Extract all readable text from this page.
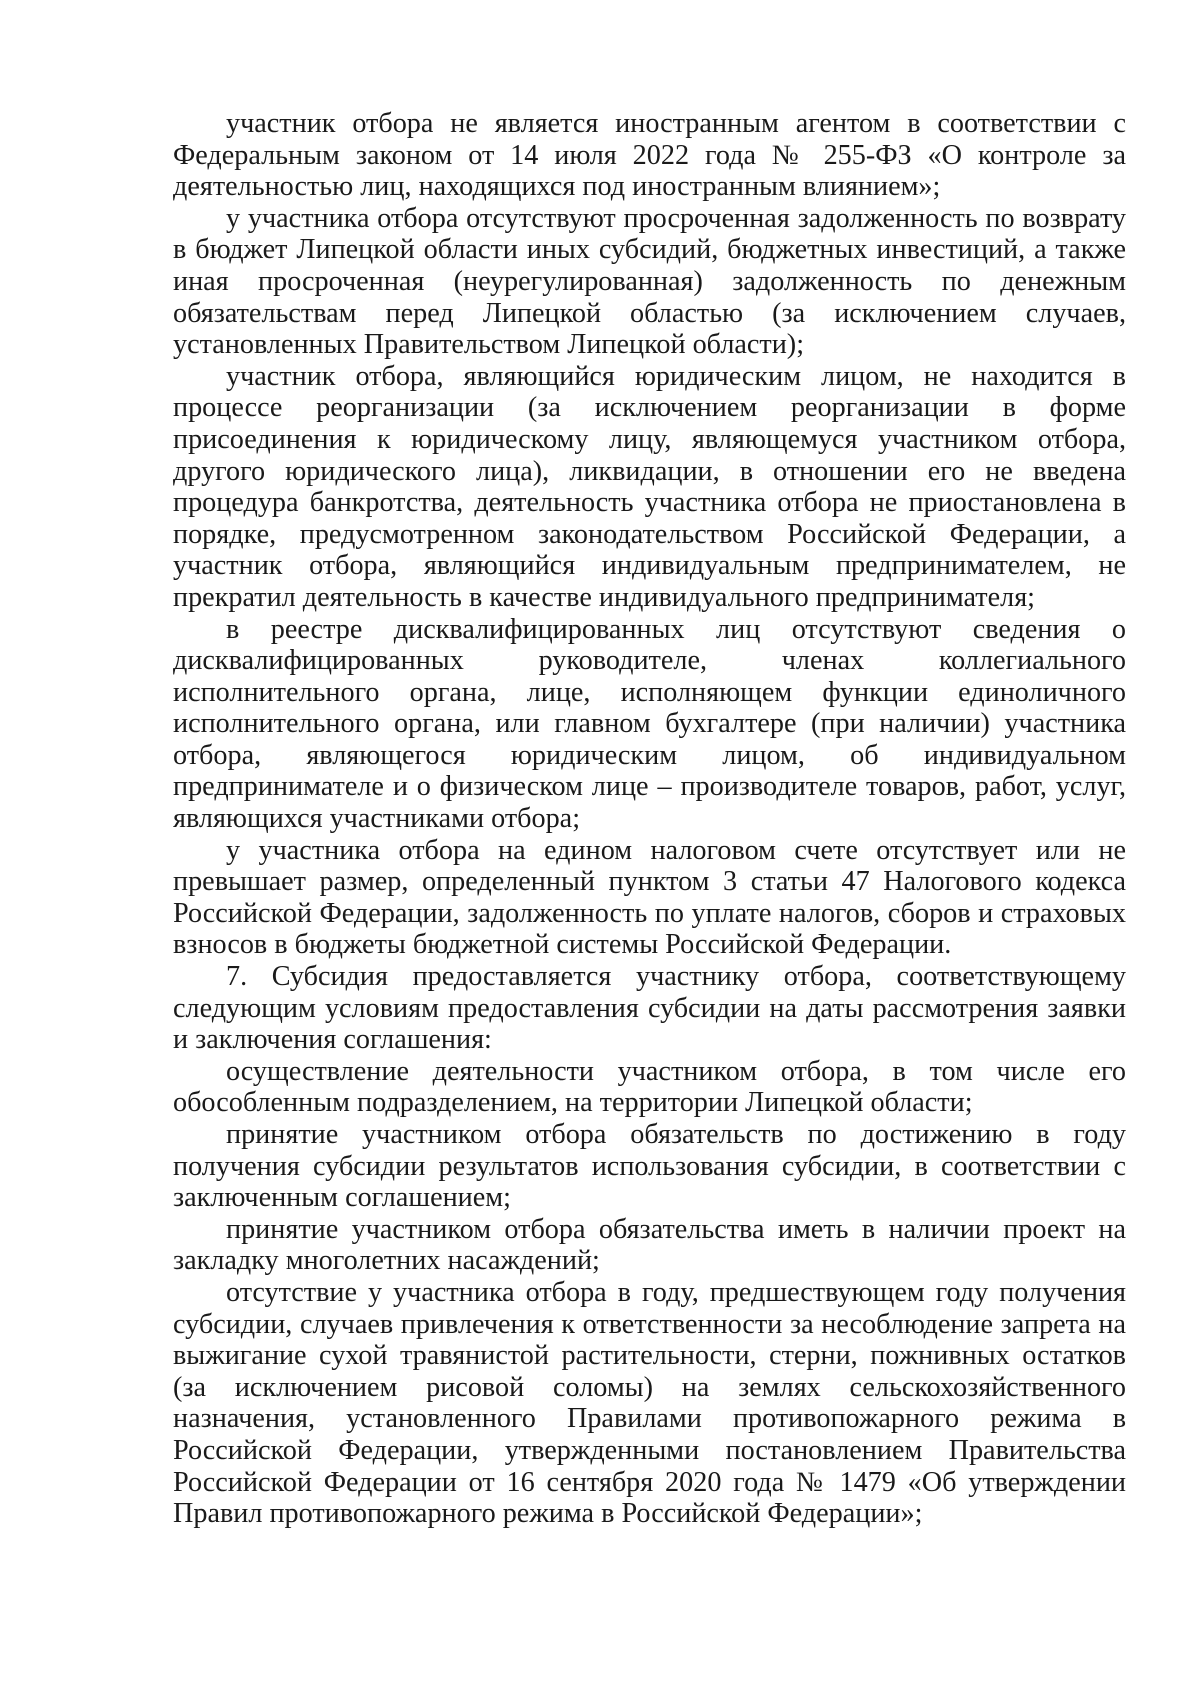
участник отбора не является иностранным агентом в соответствии с Федеральным законом от 14 июля 2022 года № 255-ФЗ «О контроле за деятельностью лиц, находящихся под иностранным влиянием»;

у участника отбора отсутствуют просроченная задолженность по возврату в бюджет Липецкой области иных субсидий, бюджетных инвестиций, а также иная просроченная (неурегулированная) задолженность по денежным обязательствам перед Липецкой областью (за исключением случаев, установленных Правительством Липецкой области);

участник отбора, являющийся юридическим лицом, не находится в процессе реорганизации (за исключением реорганизации в форме присоединения к юридическому лицу, являющемуся участником отбора, другого юридического лица), ликвидации, в отношении его не введена процедура банкротства, деятельность участника отбора не приостановлена в порядке, предусмотренном законодательством Российской Федерации, а участник отбора, являющийся индивидуальным предпринимателем, не прекратил деятельность в качестве индивидуального предпринимателя;

в реестре дисквалифицированных лиц отсутствуют сведения о дисквалифицированных руководителе, членах коллегиального исполнительного органа, лице, исполняющем функции единоличного исполнительного органа, или главном бухгалтере (при наличии) участника отбора, являющегося юридическим лицом, об индивидуальном предпринимателе и о физическом лице – производителе товаров, работ, услуг, являющихся участниками отбора;

у участника отбора на едином налоговом счете отсутствует или не превышает размер, определенный пунктом 3 статьи 47 Налогового кодекса Российской Федерации, задолженность по уплате налогов, сборов и страховых взносов в бюджеты бюджетной системы Российской Федерации.

7. Субсидия предоставляется участнику отбора, соответствующему следующим условиям предоставления субсидии на даты рассмотрения заявки и заключения соглашения:

осуществление деятельности участником отбора, в том числе его обособленным подразделением, на территории Липецкой области;

принятие участником отбора обязательств по достижению в году получения субсидии результатов использования субсидии, в соответствии с заключенным соглашением;

принятие участником отбора обязательства иметь в наличии проект на закладку многолетних насаждений;

отсутствие у участника отбора в году, предшествующем году получения субсидии, случаев привлечения к ответственности за несоблюдение запрета на выжигание сухой травянистой растительности, стерни, пожнивных остатков (за исключением рисовой соломы) на землях сельскохозяйственного назначения, установленного Правилами противопожарного режима в Российской Федерации, утвержденными постановлением Правительства Российской Федерации от 16 сентября 2020 года № 1479 «Об утверждении Правил противопожарного режима в Российской Федерации»;
